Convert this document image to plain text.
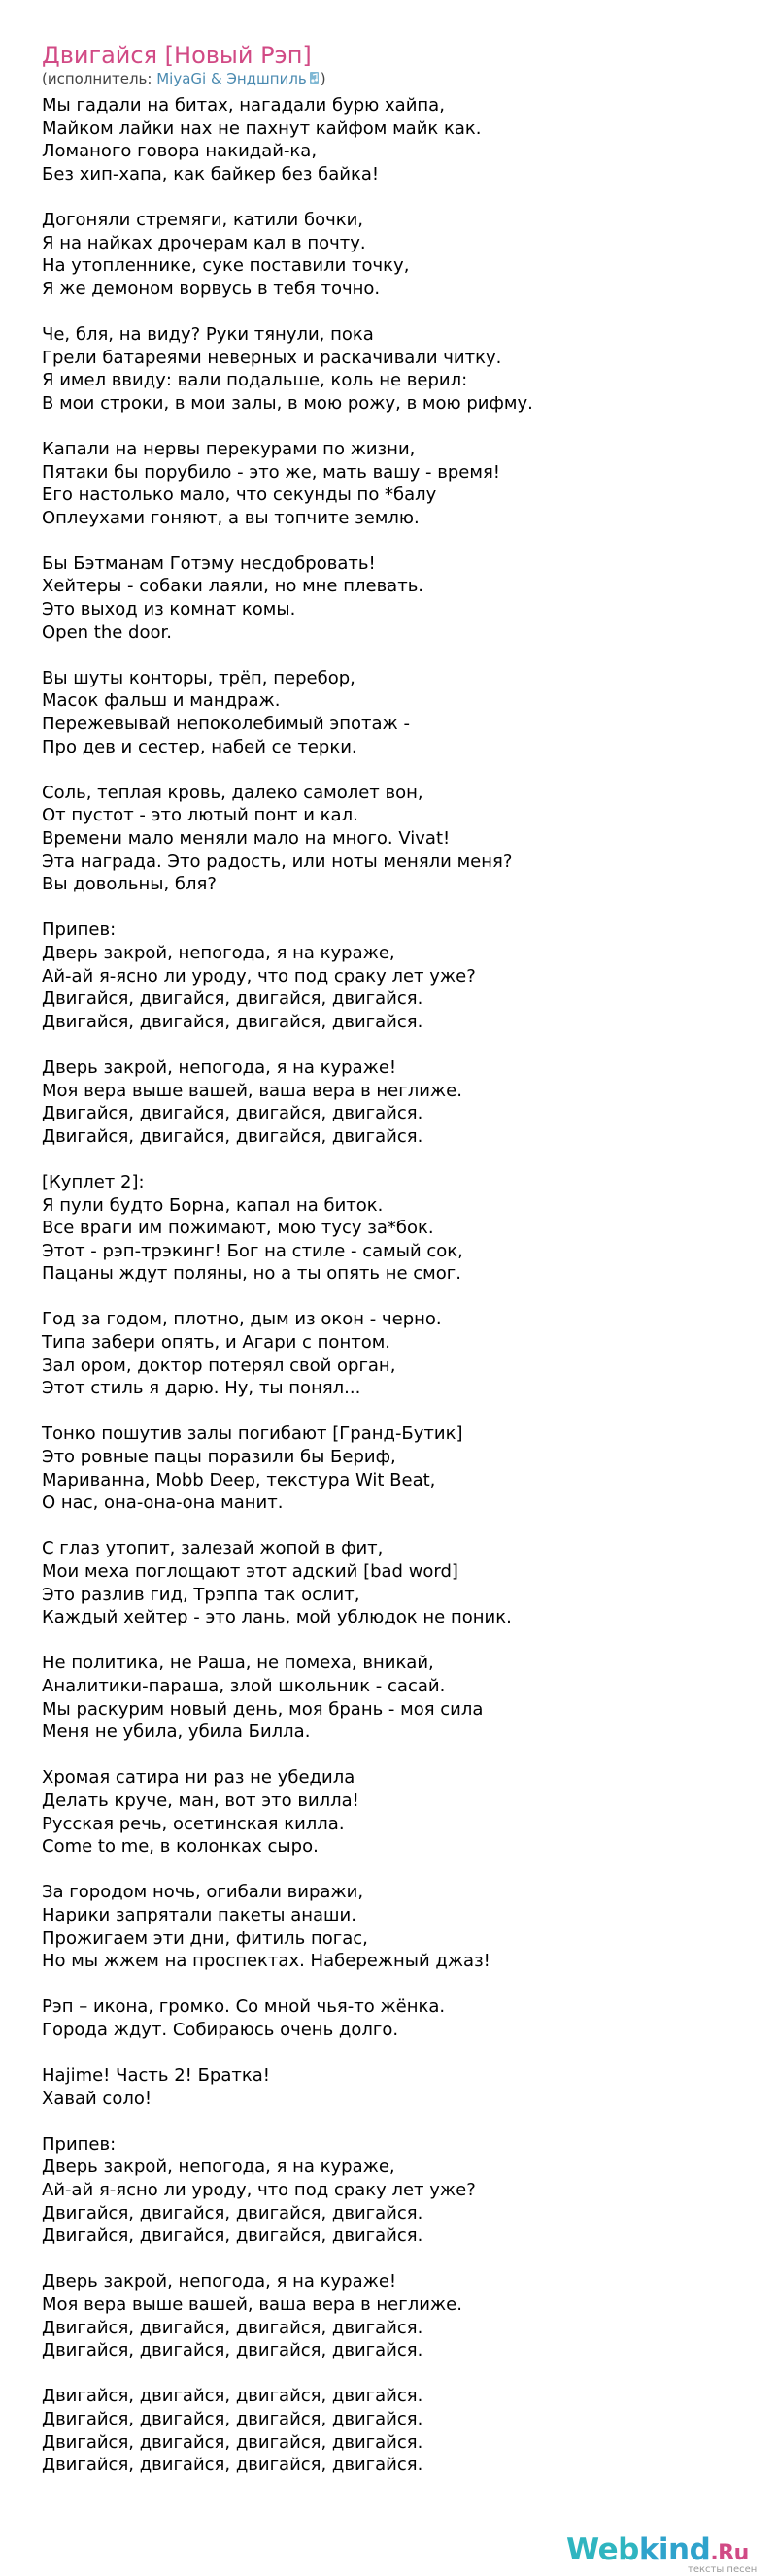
Двигайся [Новый Рэп]
(исполнитель: MiyaGi & Эндшпиль )
Мы гадали на битах, нагадали бурю хайпа,
Майком лайки нах не пахнут кайфом майк как.
Ломаного говора накидай-ка,
Без хип-хапа, как байкер без байка!
Догоняли стремяги, катили бочки,
Я на найках дрочерам кал в почту.
На утопленнике, суке поставили точку,
Я же демоном ворвусь в тебя точно.
Че, бля, на виду? Руки тянули, пока
Грели батареями неверных и раскачивали читку.
Я имел ввиду: вали подальше, коль не верил:
В мои строки, в мои залы, в мою рожу, в мою рифму.
Капали на нервы перекурами по жизни,
Пятаки бы порубило - это же, мать вашу - время!
Его настолько мало, что секунды по *балу
Оплеухами гоняют, а вы топчите землю.
Бы Бэтманам Готэму несдобровать!
Хейтеры - собаки лаяли, но мне плевать.
Это выход из комнат комы.
Open the door.
Вы шуты конторы, трёп, перебор,
Масок фальш и мандраж.
Пережевывай непоколебимый эпотаж -
Про дев и сестер, набей се терки.
Соль, теплая кровь, далеко самолет вон,
От пустот - это лютый понт и кал.
Времени мало меняли мало на много. Vivat!
Эта награда. Это радость, или ноты меняли меня?
Вы довольны, бля?
Припев:
Дверь закрой, непогода, я на кураже,
Ай-ай я-ясно ли уроду, что под сраку лет уже?
Двигайся, двигайся, двигайся, двигайся.
Двигайся, двигайся, двигайся, двигайся.
Дверь закрой, непогода, я на кураже!
Моя вера выше вашей, ваша вера в неглиже.
Двигайся, двигайся, двигайся, двигайся.
Двигайся, двигайся, двигайся, двигайся.
[Куплет 2]:
Я пули будто Борна, капал на биток.
Все враги им пожимают, мою тусу за*бок.
Этот - рэп-трэкинг! Бог на стиле - самый сок,
Пацаны ждут поляны, но а ты опять не смог.
Год за годом, плотно, дым из окон - черно.
Типа забери опять, и Агари с понтом.
Зал ором, доктор потерял свой орган,
Этот стиль я дарю. Ну, ты понял...
Тонко пошутив залы погибают [Гранд-Бутик]
Это ровные пацы поразили бы Бериф,
Мариванна, Mobb Deep, текстура Wit Beat,
О нас, она-она-она манит.
С глаз утопит, залезай жопой в фит,
Мои меха поглощают этот адский [bad word]
Это разлив гид, Трэппа так ослит,
Каждый хейтер - это лань, мой ублюдок не поник.
Не политика, не Раша, не помеха, вникай,
Аналитики-параша, злой школьник - сасай.
Мы раскурим новый день, моя брань - моя сила
Меня не убила, убила Билла.
Хромая сатира ни раз не убедила
Делать круче, ман, вот это вилла!
Русская речь, осетинская килла.
Come to me, в колонках сыро.
За городом ночь, огибали виражи,
Нарики запрятали пакеты анаши.
Прожигаем эти дни, фитиль погас,
Но мы жжем на проспектах. Набережный джаз!
Рэп – икона, громко. Со мной чья-то жёнка.
Города ждут. Собираюсь очень долго.
Hajime! Часть 2! Братка!
Хавай соло!
Припев:
Дверь закрой, непогода, я на кураже,
Ай-ай я-ясно ли уроду, что под сраку лет уже?
Двигайся, двигайся, двигайся, двигайся.
Двигайся, двигайся, двигайся, двигайся.
Дверь закрой, непогода, я на кураже!
Моя вера выше вашей, ваша вера в неглиже.
Двигайся, двигайся, двигайся, двигайся.
Двигайся, двигайся, двигайся, двигайся.
Двигайся, двигайся, двигайся, двигайся.
Двигайся, двигайся, двигайся, двигайся.
Двигайся, двигайся, двигайся, двигайся.
Двигайся, двигайся, двигайся, двигайся.
Webkind.Ru
тексты песен
